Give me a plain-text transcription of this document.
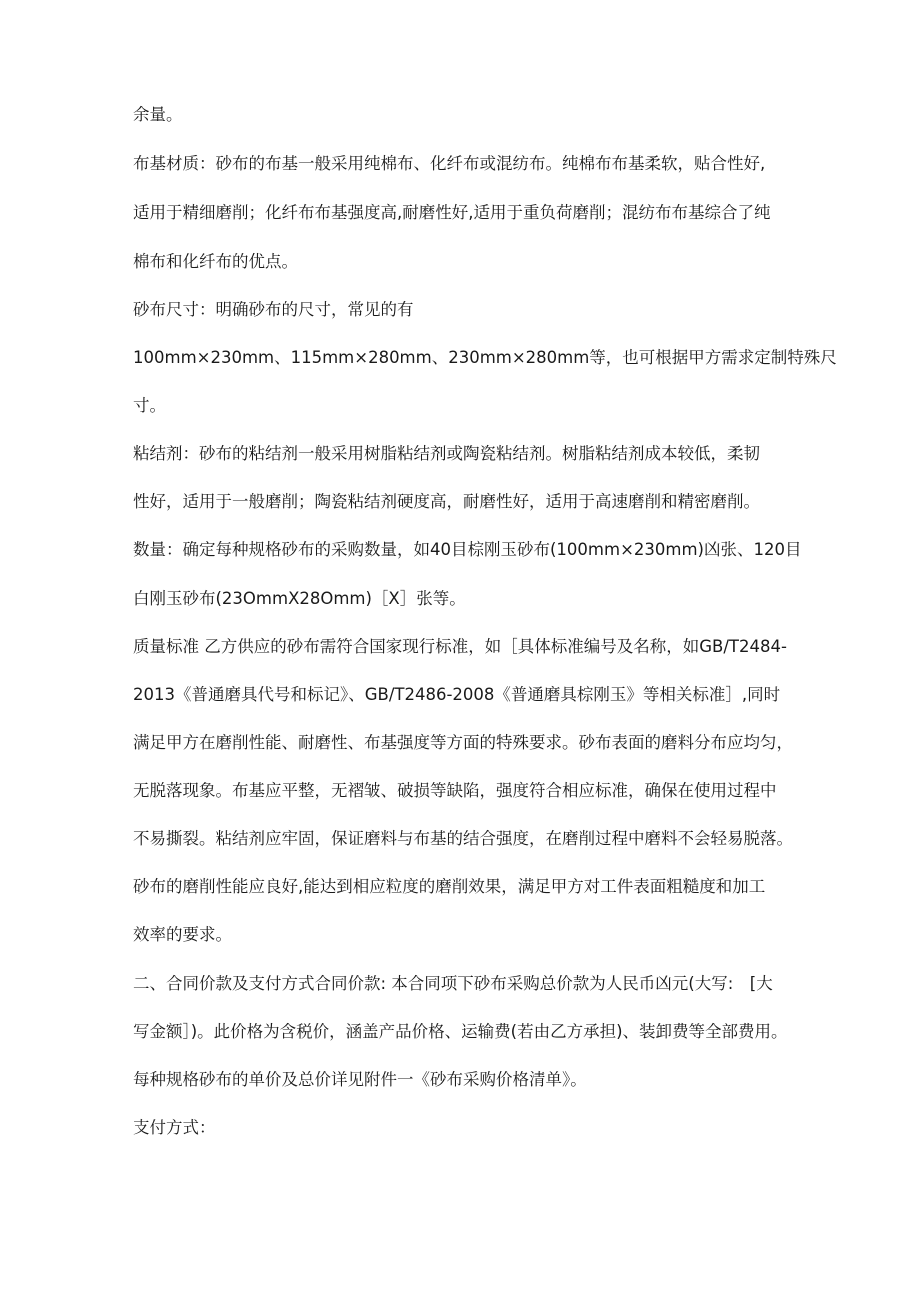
余量。

布基材质：砂布的布基一般采用纯棉布、化纤布或混纺布。纯棉布布基柔软，贴合性好,

适用于精细磨削；化纤布布基强度高,耐磨性好,适用于重负荷磨削；混纺布布基综合了纯

棉布和化纤布的优点。

砂布尺寸：明确砂布的尺寸，常见的有

100mm×230mm、115mm×280mm、230mm×280mm等，也可根据甲方需求定制特殊尺

寸。

粘结剂：砂布的粘结剂一般采用树脂粘结剂或陶瓷粘结剂。树脂粘结剂成本较低，柔韧

性好，适用于一般磨削；陶瓷粘结剂硬度高，耐磨性好，适用于高速磨削和精密磨削。

数量：确定每种规格砂布的采购数量，如40目棕刚玉砂布(100mm×230mm)凶张、120目

白刚玉砂布(23OmmX28Omm)［X］张等。

质量标准 乙方供应的砂布需符合国家现行标准，如［具体标准编号及名称，如GB/T2484-

2013《普通磨具代号和标记》、GB/T2486-2008《普通磨具棕刚玉》等相关标准］,同时

满足甲方在磨削性能、耐磨性、布基强度等方面的特殊要求。砂布表面的磨料分布应均匀，

无脱落现象。布基应平整，无褶皱、破损等缺陷，强度符合相应标准，确保在使用过程中

不易撕裂。粘结剂应牢固，保证磨料与布基的结合强度，在磨削过程中磨料不会轻易脱落。

砂布的磨削性能应良好,能达到相应粒度的磨削效果，满足甲方对工件表面粗糙度和加工

效率的要求。

二、合同价款及支付方式合同价款: 本合同项下砂布采购总价款为人民币凶元(大写:　[大

写金额］)。此价格为含税价，涵盖产品价格、运输费(若由乙方承担)、装卸费等全部费用。

每种规格砂布的单价及总价详见附件一《砂布采购价格清单》。

支付方式：
